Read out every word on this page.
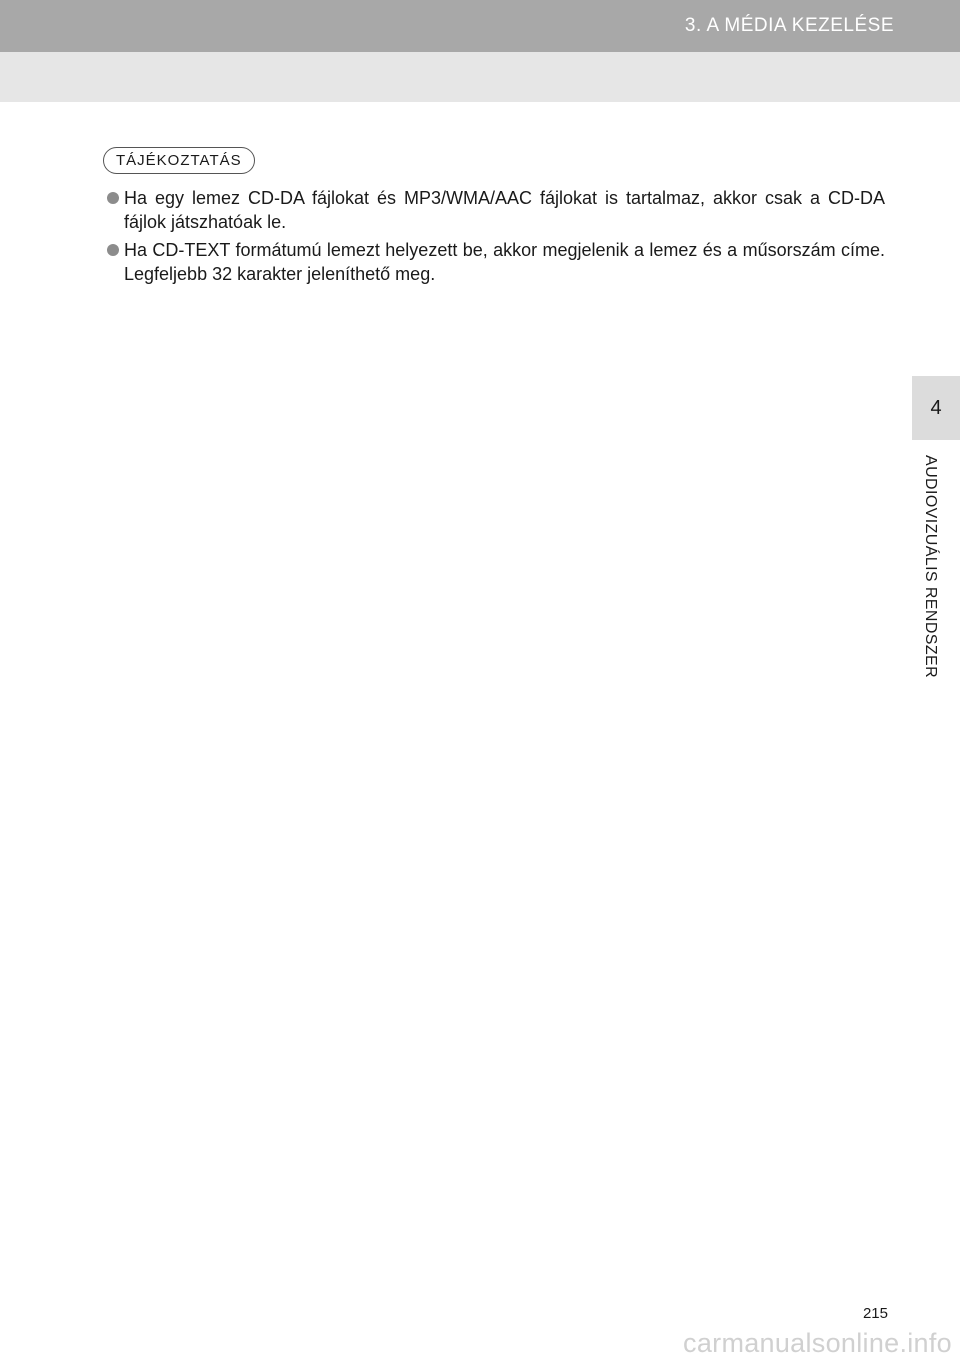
3. A MÉDIA KEZELÉSE
4
AUDIOVIZUÁLIS RENDSZER
TÁJÉKOZTATÁS
Ha egy lemez CD-DA fájlokat és MP3/WMA/AAC fájlokat is tartalmaz, akkor csak a CD-DA fájlok játszhatóak le.
Ha CD-TEXT formátumú lemezt helyezett be, akkor megjelenik a lemez és a műsorszám címe. Legfeljebb 32 karakter jeleníthető meg.
215
carmanualsonline.info
